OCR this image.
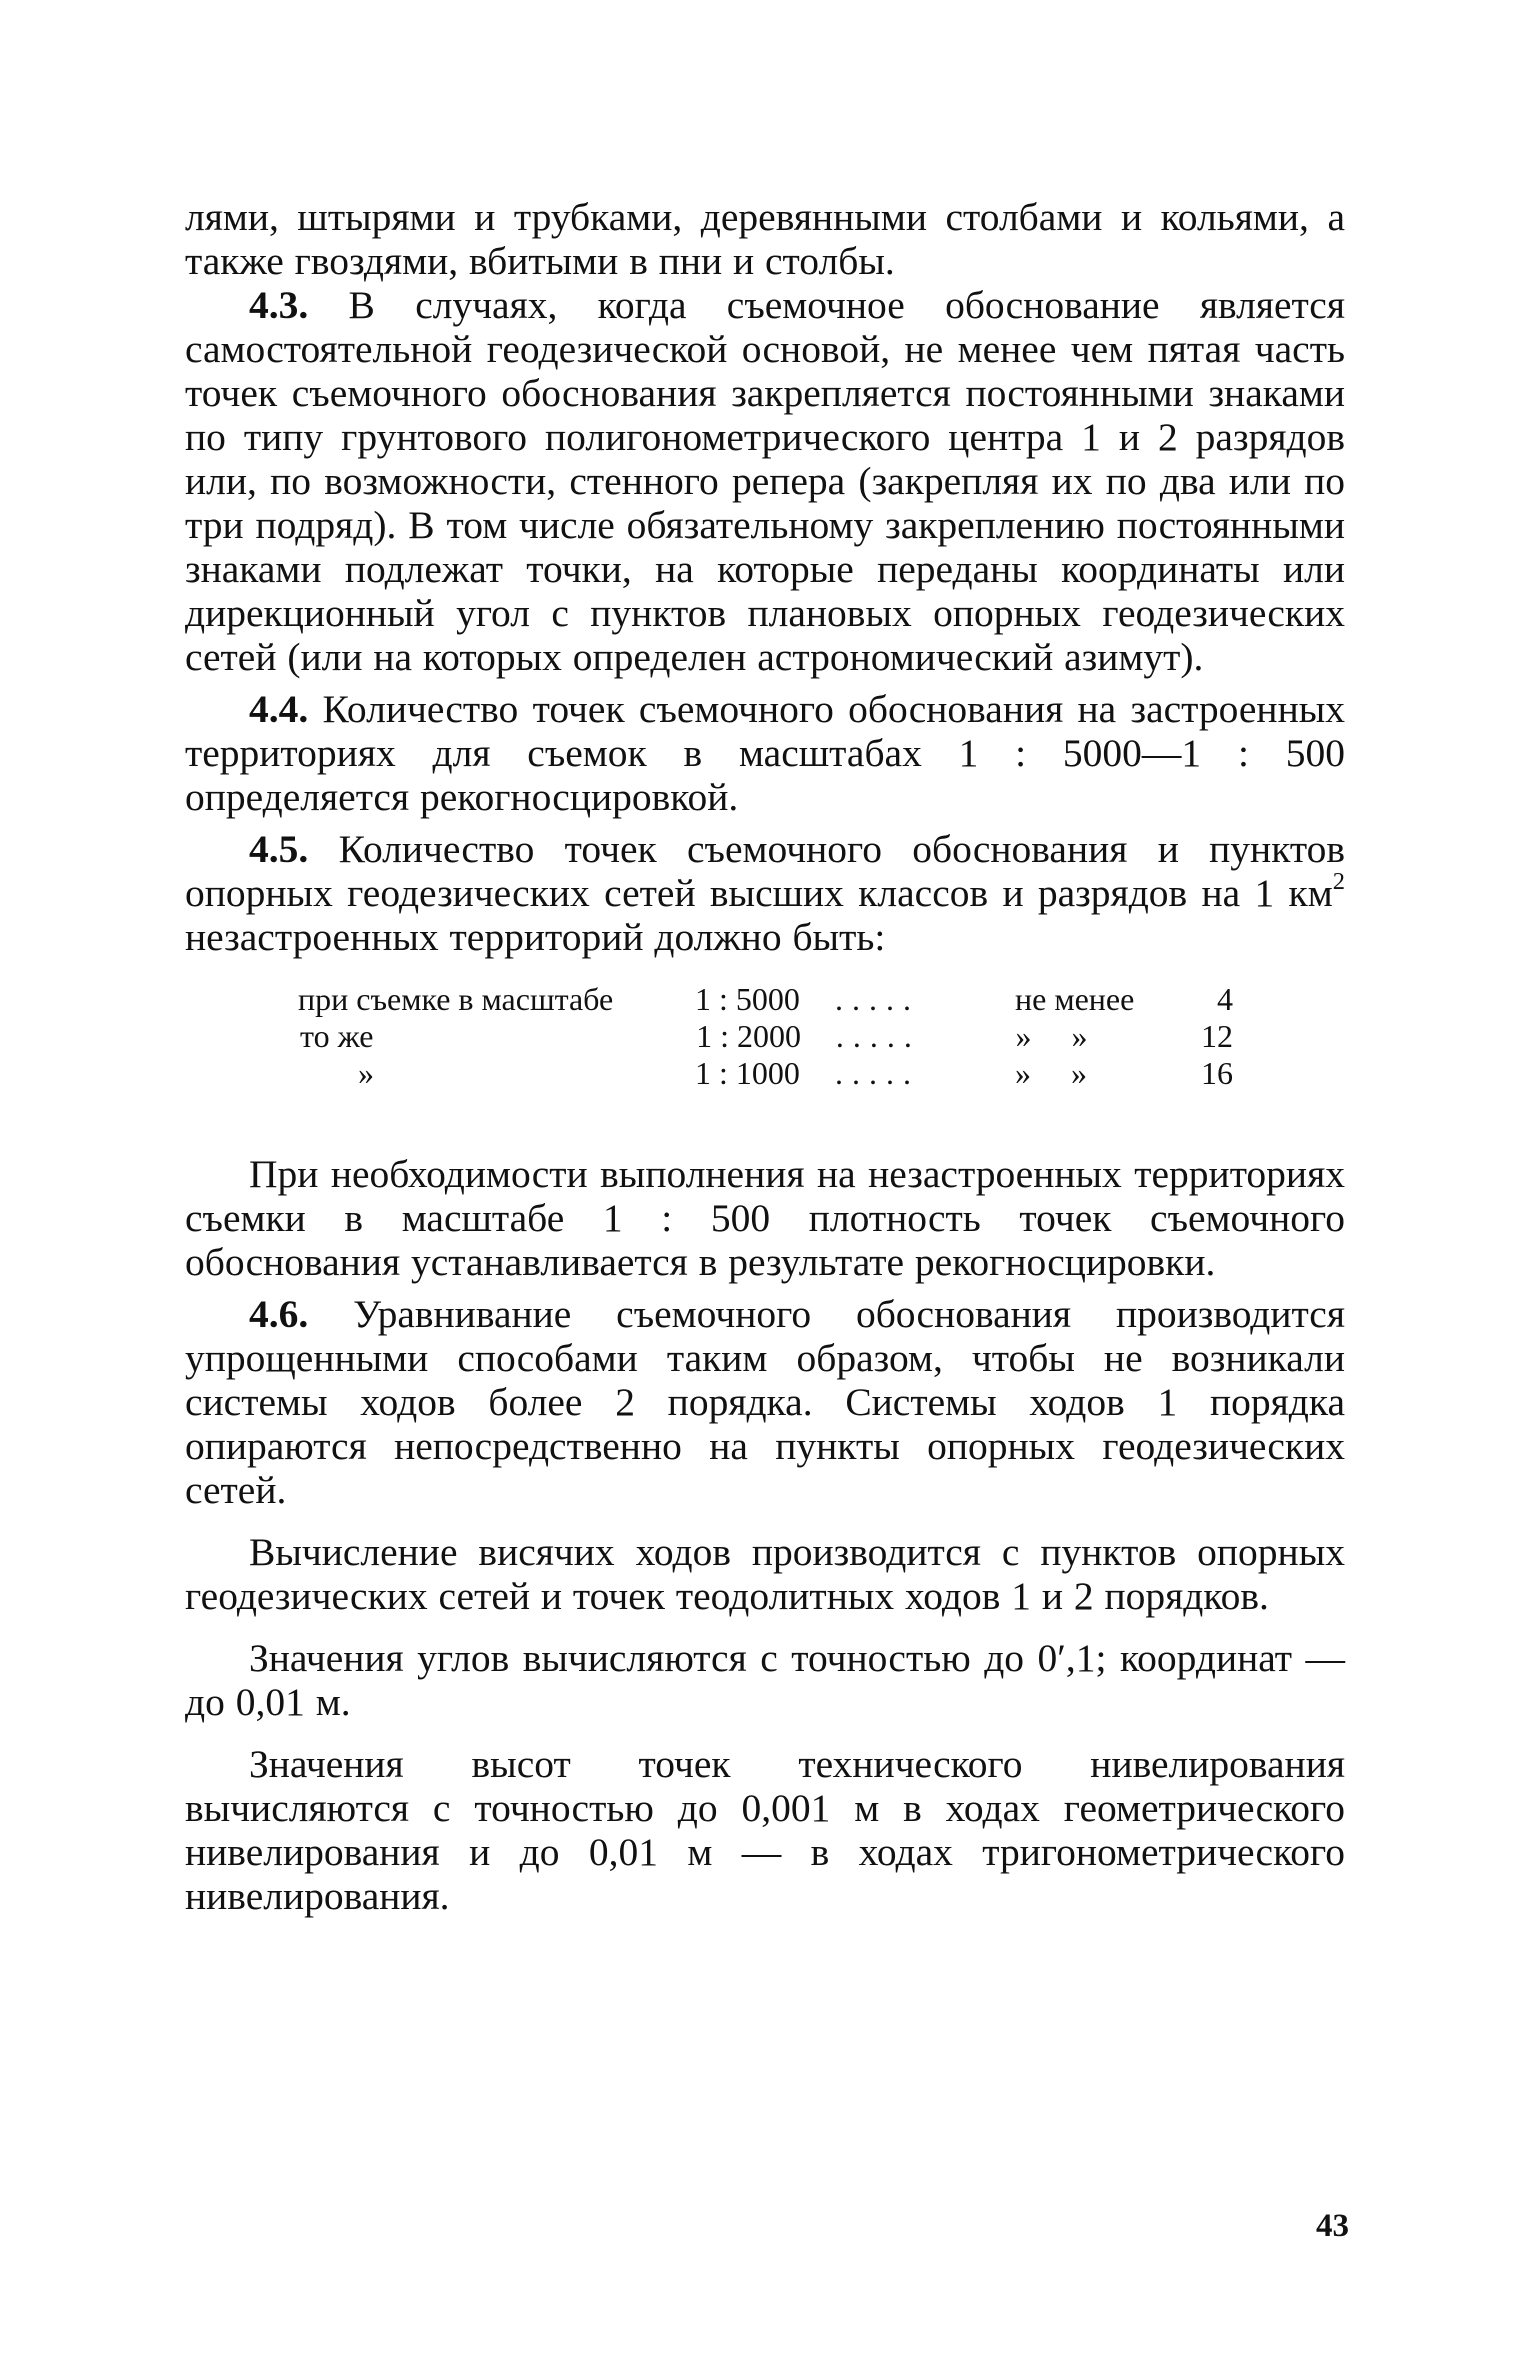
лями, штырями и трубками, деревянными столбами и кольями, а также гвоздями, вбитыми в пни и столбы.

4.3. В случаях, когда съемочное обоснование является самостоятельной геодезической основой, не менее чем пятая часть точек съемочного обоснования закрепляется постоянными знаками по типу грунтового полигонометрического центра 1 и 2 разрядов или, по возможности, стенного репера (закрепляя их по два или по три подряд). В том числе обязательному закреплению постоянными знаками подлежат точки, на которые переданы координаты или дирекционный угол с пунктов плановых опорных геодезических сетей (или на которых определен астрономический азимут).

4.4. Количество точек съемочного обоснования на застроенных территориях для съемок в масштабах 1 : 5000—1 : 500 определяется рекогносцировкой.

4.5. Количество точек съемочного обоснования и пунктов опорных геодезических сетей высших классов и разрядов на 1 $км^2$ незастроенных территорий должно быть:

при съемке в масштабе	1 : 5000	.....	не менее	4
то же	1 : 2000	.....	»     »	12
»	1 : 1000	.....	»     »	16

При необходимости выполнения на незастроенных территориях съемки в масштабе 1 : 500 плотность точек съемочного обоснования устанавливается в результате рекогносцировки.

4.6. Уравнивание съемочного обоснования производится упрощенными способами таким образом, чтобы не возникали системы ходов более 2 порядка. Системы ходов 1 порядка опираются непосредственно на пункты опорных геодезических сетей.

Вычисление висячих ходов производится с пунктов опорных геодезических сетей и точек теодолитных ходов 1 и 2 порядков.

Значения углов вычисляются с точностью до 0′,1; координат — до 0,01 м.

Значения высот точек технического нивелирования вычисляются с точностью до 0,001 м в ходах геометрического нивелирования и до 0,01 м — в ходах тригонометрического нивелирования.

43
